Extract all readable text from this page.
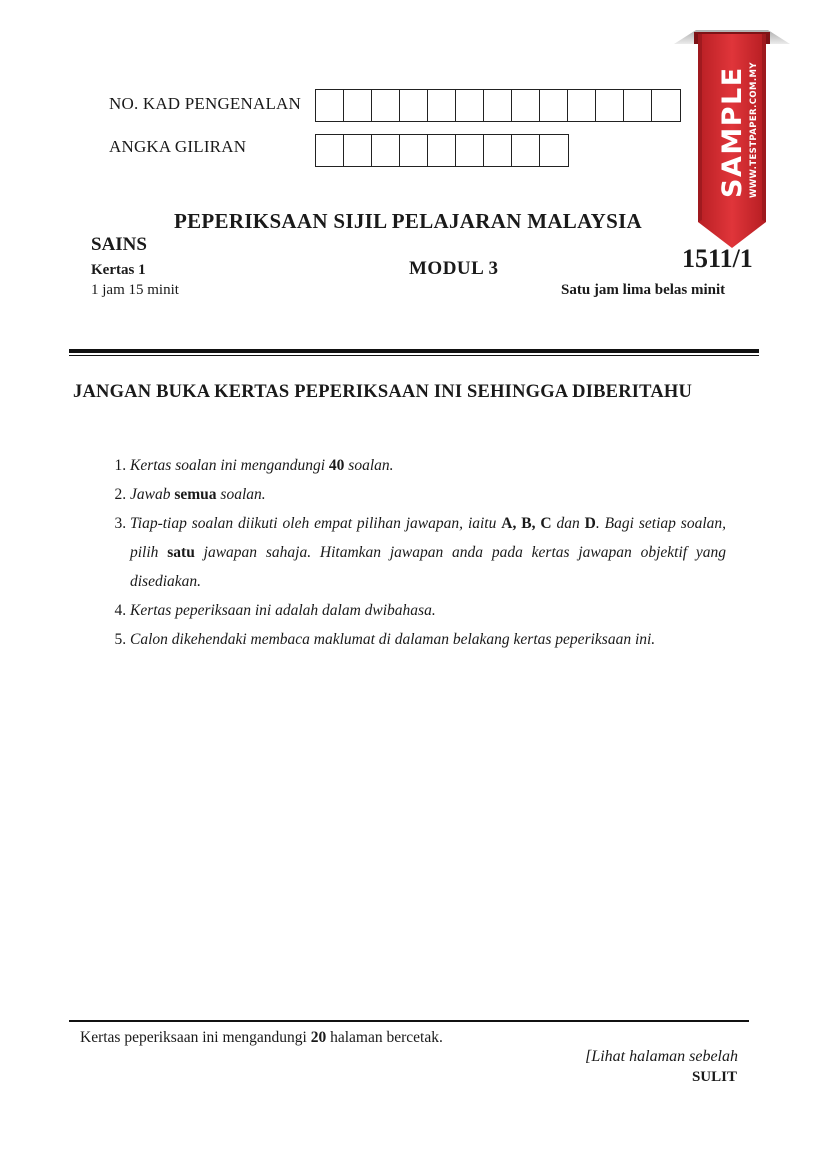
NO. KAD PENGENALAN
ANGKA GILIRAN
PEPERIKSAAN SIJIL PELAJARAN MALAYSIA
SAINS
Kertas 1
1 jam 15 minit
MODUL 3	1511/1
Satu jam lima belas minit
JANGAN BUKA KERTAS PEPERIKSAAN INI SEHINGGA DIBERITAHU
1. Kertas soalan ini mengandungi 40 soalan.
2. Jawab semua soalan.
3. Tiap-tiap soalan diikuti oleh empat pilihan jawapan, iaitu A, B, C dan D. Bagi setiap soalan, pilih satu jawapan sahaja. Hitamkan jawapan anda pada kertas jawapan objektif yang disediakan.
4. Kertas peperiksaan ini adalah dalam dwibahasa.
5. Calon dikehendaki membaca maklumat di dalaman belakang kertas peperiksaan ini.
Kertas peperiksaan ini mengandungi 20 halaman bercetak.
[Lihat halaman sebelah
SULIT
SAMPLE WWW.TESTPAPER.COM.MY
